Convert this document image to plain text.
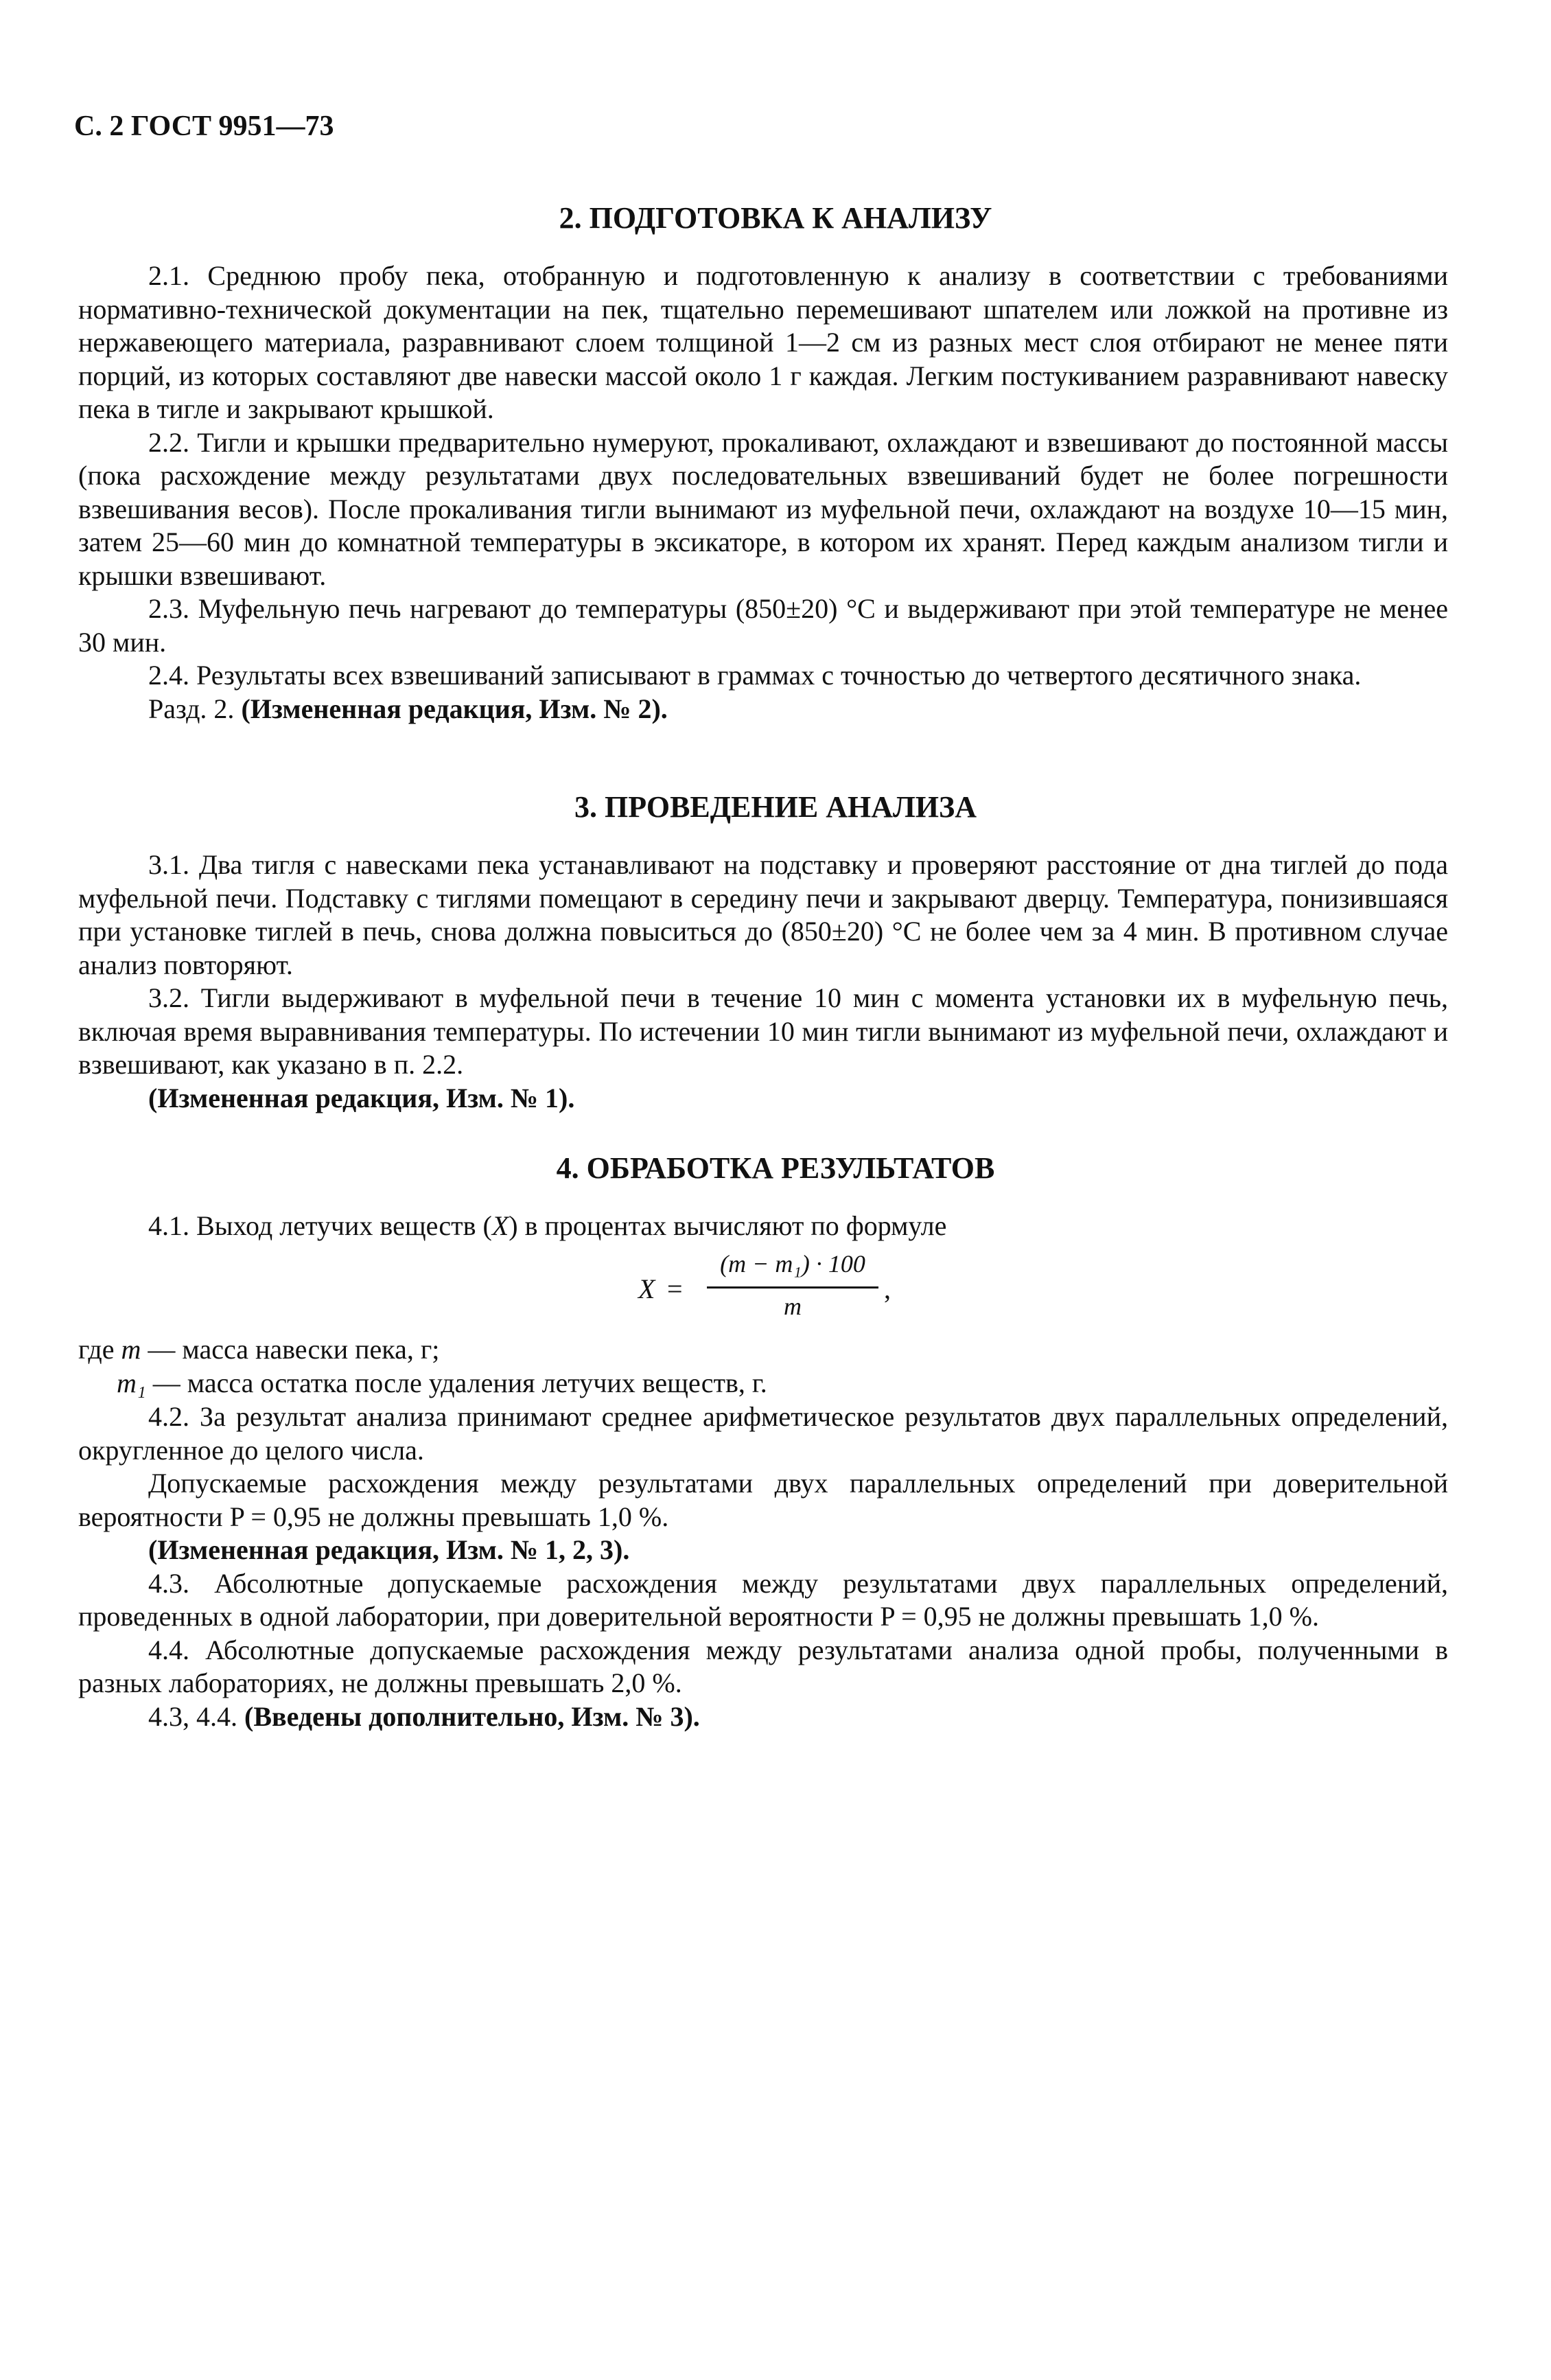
С. 2 ГОСТ 9951—73
2. ПОДГОТОВКА К АНАЛИЗУ

2.1. Среднюю пробу пека, отобранную и подготовленную к анализу в соответствии с требованиями нормативно-технической документации на пек, тщательно перемешивают шпателем или ложкой на противне из нержавеющего материала, разравнивают слоем толщиной 1—2 см из разных мест слоя отбирают не менее пяти порций, из которых составляют две навески массой около 1 г каждая. Легким постукиванием разравнивают навеску пека в тигле и закрывают крышкой.

2.2. Тигли и крышки предварительно нумеруют, прокаливают, охлаждают и взвешивают до постоянной массы (пока расхождение между результатами двух последовательных взвешиваний будет не более погрешности взвешивания весов). После прокаливания тигли вынимают из муфельной печи, охлаждают на воздухе 10—15 мин, затем 25—60 мин до комнатной температуры в эксикаторе, в котором их хранят. Перед каждым анализом тигли и крышки взвешивают.

2.3. Муфельную печь нагревают до температуры (850±20) °С и выдерживают при этой температуре не менее 30 мин.

2.4. Результаты всех взвешиваний записывают в граммах с точностью до четвертого десятичного знака.

Разд. 2. (Измененная редакция, Изм. № 2).

3. ПРОВЕДЕНИЕ АНАЛИЗА

3.1. Два тигля с навесками пека устанавливают на подставку и проверяют расстояние от дна тиглей до пода муфельной печи. Подставку с тиглями помещают в середину печи и закрывают дверцу. Температура, понизившаяся при установке тиглей в печь, снова должна повыситься до (850±20) °С не более чем за 4 мин. В противном случае анализ повторяют.

3.2. Тигли выдерживают в муфельной печи в течение 10 мин с момента установки их в муфельную печь, включая время выравнивания температуры. По истечении 10 мин тигли вынимают из муфельной печи, охлаждают и взвешивают, как указано в п. 2.2.

(Измененная редакция, Изм. № 1).

4. ОБРАБОТКА РЕЗУЛЬТАТОВ

4.1. Выход летучих веществ (X) в процентах вычисляют по формуле

X =
(m − m₁) · 100
m
,
где m — масса навески пека, г;
m₁ — масса остатка после удаления летучих веществ, г.

4.2. За результат анализа принимают среднее арифметическое результатов двух параллельных определений, округленное до целого числа.

Допускаемые расхождения между результатами двух параллельных определений при доверительной вероятности P = 0,95 не должны превышать 1,0 %.

(Измененная редакция, Изм. № 1, 2, 3).

4.3. Абсолютные допускаемые расхождения между результатами двух параллельных определений, проведенных в одной лаборатории, при доверительной вероятности P = 0,95 не должны превышать 1,0 %.

4.4. Абсолютные допускаемые расхождения между результатами анализа одной пробы, полученными в разных лабораториях, не должны превышать 2,0 %.

4.3, 4.4. (Введены дополнительно, Изм. № 3).
